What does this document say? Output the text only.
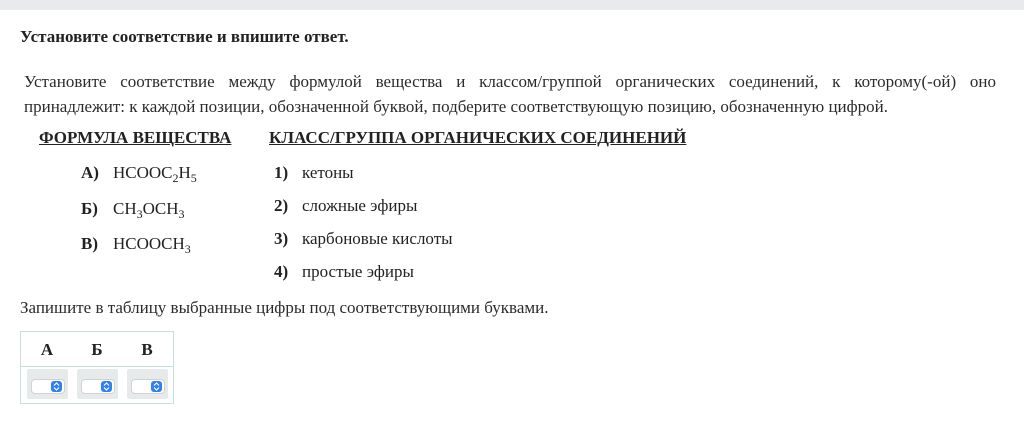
Установите соответствие и впишите ответ.
Установите соответствие между формулой вещества и классом/группой органических соединений, к которому(-ой) оно принадлежит: к каждой позиции, обозначенной буквой, подберите соответствующую позицию, обозначенную цифрой.
ФОРМУЛА ВЕЩЕСТВА КЛАСС/ГРУППА ОРГАНИЧЕСКИХ СОЕДИНЕНИЙ
А) $HCOOC_2H_5$
Б) $CH_3OCH_3$
В) $HCOOCH_3$
1) кетоны
2) сложные эфиры
3) карбоновые кислоты
4) простые эфиры
Запишите в таблицу выбранные цифры под соответствующими буквами.
А	Б	В
